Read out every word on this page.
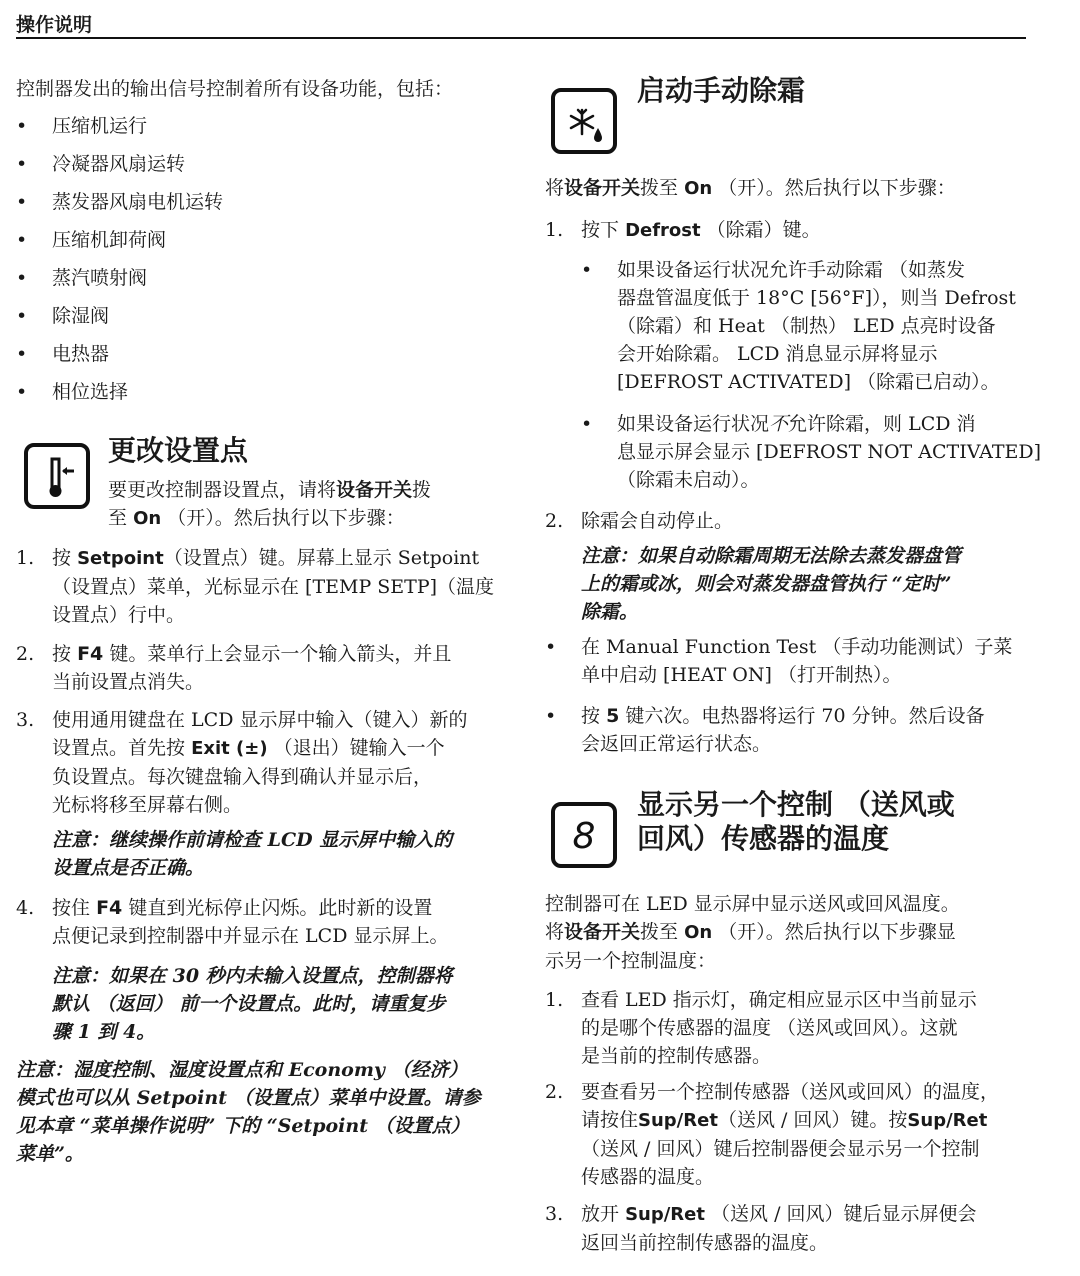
操作说明

控制器发出的输出信号控制着所有设备功能，包括：

• 压缩机运行
• 冷凝器风扇运转
• 蒸发器风扇电机运转
• 压缩机卸荷阀
• 蒸汽喷射阀
• 除湿阀
• 电热器
• 相位选择
更改设置点
要更改控制器设置点，请将设备开关拨
至 On （开）。然后执行以下步骤：
1. 按 Setpoint（设置点）键。屏幕上显示 Setpoint
（设置点）菜单，光标显示在 [TEMP SETP]（温度
设置点）行中。
2. 按 F4 键。菜单行上会显示一个输入箭头，并且
当前设置点消失。
3. 使用通用键盘在 LCD 显示屏中输入（键入）新的
设置点。首先按 Exit (±) （退出）键输入一个
负设置点。每次键盘输入得到确认并显示后，
光标将移至屏幕右侧。
注意：继续操作前请检查 LCD 显示屏中输入的
设置点是否正确。
4. 按住 F4 键直到光标停止闪烁。此时新的设置
点便记录到控制器中并显示在 LCD 显示屏上。
注意：如果在 30 秒内未输入设置点，控制器将
默认 （返回） 前一个设置点。此时，请重复步
骤 1 到 4。
注意：湿度控制、湿度设置点和 Economy （经济）
模式也可以从 Setpoint （设置点）菜单中设置。请参
见本章 “菜单操作说明” 下的 “Setpoint （设置点）
菜单”。
启动手动除霜
将设备开关拨至 On （开）。然后执行以下步骤：
1. 按下 Defrost （除霜）键。
• 如果设备运行状况允许手动除霜 （如蒸发
器盘管温度低于 18°C [56°F]），则当 Defrost
（除霜）和 Heat （制热） LED 点亮时设备
会开始除霜。 LCD 消息显示屏将显示
[DEFROST ACTIVATED] （除霜已启动）。
• 如果设备运行状况不允许除霜，则 LCD 消
息显示屏会显示 [DEFROST NOT ACTIVATED]
（除霜未启动）。
2. 除霜会自动停止。
注意：如果自动除霜周期无法除去蒸发器盘管
上的霜或冰，则会对蒸发器盘管执行 “定时”
除霜。
• 在 Manual Function Test （手动功能测试）子菜
单中启动 [HEAT ON] （打开制热）。
• 按 5 键六次。电热器将运行 70 分钟。然后设备
会返回正常运行状态。
8
显示另一个控制 （送风或
回风）传感器的温度
控制器可在 LED 显示屏中显示送风或回风温度。
将设备开关拨至 On （开）。然后执行以下步骤显
示另一个控制温度：
1. 查看 LED 指示灯，确定相应显示区中当前显示
的是哪个传感器的温度 （送风或回风）。这就
是当前的控制传感器。
2. 要查看另一个控制传感器（送风或回风）的温度，
请按住Sup/Ret（送风 / 回风）键。按Sup/Ret
（送风 / 回风）键后控制器便会显示另一个控制
传感器的温度。
3. 放开 Sup/Ret （送风 / 回风）键后显示屏便会
返回当前控制传感器的温度。
